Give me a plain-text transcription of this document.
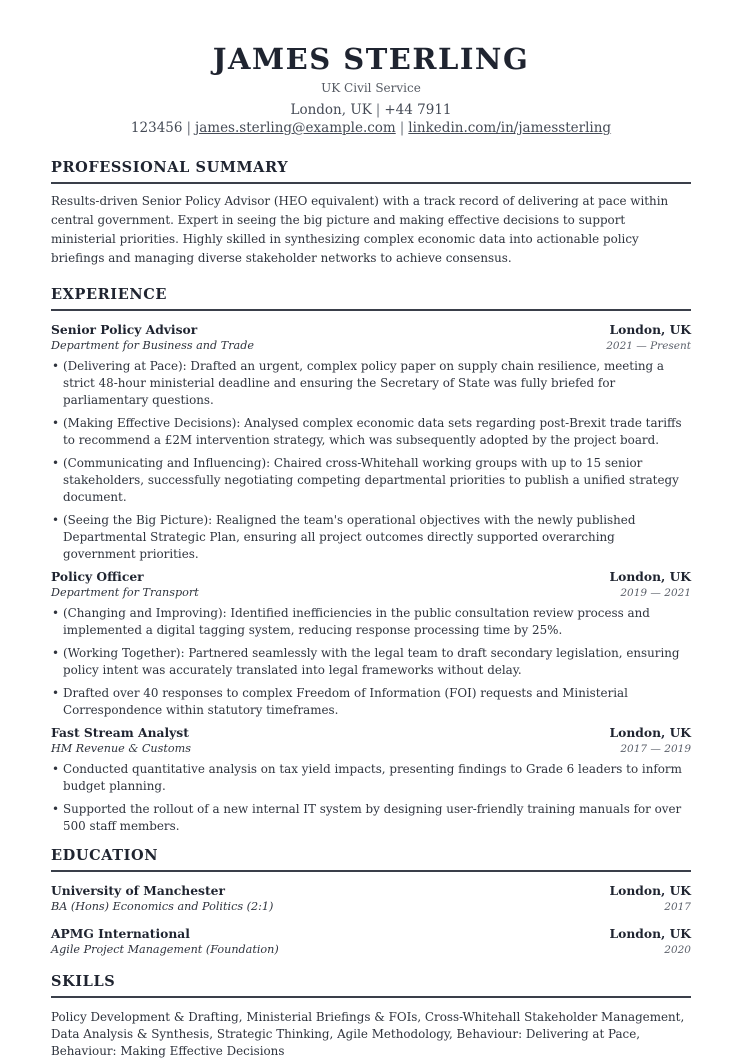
JAMES STERLING
UK Civil Service
London, UK | +44 7911 123456 | james.sterling@example.com | linkedin.com/in/jamessterling
PROFESSIONAL SUMMARY
Results-driven Senior Policy Advisor (HEO equivalent) with a track record of delivering at pace within central government. Expert in seeing the big picture and making effective decisions to support ministerial priorities. Highly skilled in synthesizing complex economic data into actionable policy briefings and managing diverse stakeholder networks to achieve consensus.
EXPERIENCE
Senior Policy Advisor	London, UK
Department for Business and Trade	2021 — Present
• (Delivering at Pace): Drafted an urgent, complex policy paper on supply chain resilience, meeting a strict 48-hour ministerial deadline and ensuring the Secretary of State was fully briefed for parliamentary questions.
• (Making Effective Decisions): Analysed complex economic data sets regarding post-Brexit trade tariffs to recommend a £2M intervention strategy, which was subsequently adopted by the project board.
• (Communicating and Influencing): Chaired cross-Whitehall working groups with up to 15 senior stakeholders, successfully negotiating competing departmental priorities to publish a unified strategy document.
• (Seeing the Big Picture): Realigned the team's operational objectives with the newly published Departmental Strategic Plan, ensuring all project outcomes directly supported overarching government priorities.
Policy Officer	London, UK
Department for Transport	2019 — 2021
• (Changing and Improving): Identified inefficiencies in the public consultation review process and implemented a digital tagging system, reducing response processing time by 25%.
• (Working Together): Partnered seamlessly with the legal team to draft secondary legislation, ensuring policy intent was accurately translated into legal frameworks without delay.
• Drafted over 40 responses to complex Freedom of Information (FOI) requests and Ministerial Correspondence within statutory timeframes.
Fast Stream Analyst	London, UK
HM Revenue & Customs	2017 — 2019
• Conducted quantitative analysis on tax yield impacts, presenting findings to Grade 6 leaders to inform budget planning.
• Supported the rollout of a new internal IT system by designing user-friendly training manuals for over 500 staff members.
EDUCATION
University of Manchester	London, UK
BA (Hons) Economics and Politics (2:1)	2017
APMG International	London, UK
Agile Project Management (Foundation)	2020
SKILLS
Policy Development & Drafting, Ministerial Briefings & FOIs, Cross-Whitehall Stakeholder Management, Data Analysis & Synthesis, Strategic Thinking, Agile Methodology, Behaviour: Delivering at Pace, Behaviour: Making Effective Decisions
